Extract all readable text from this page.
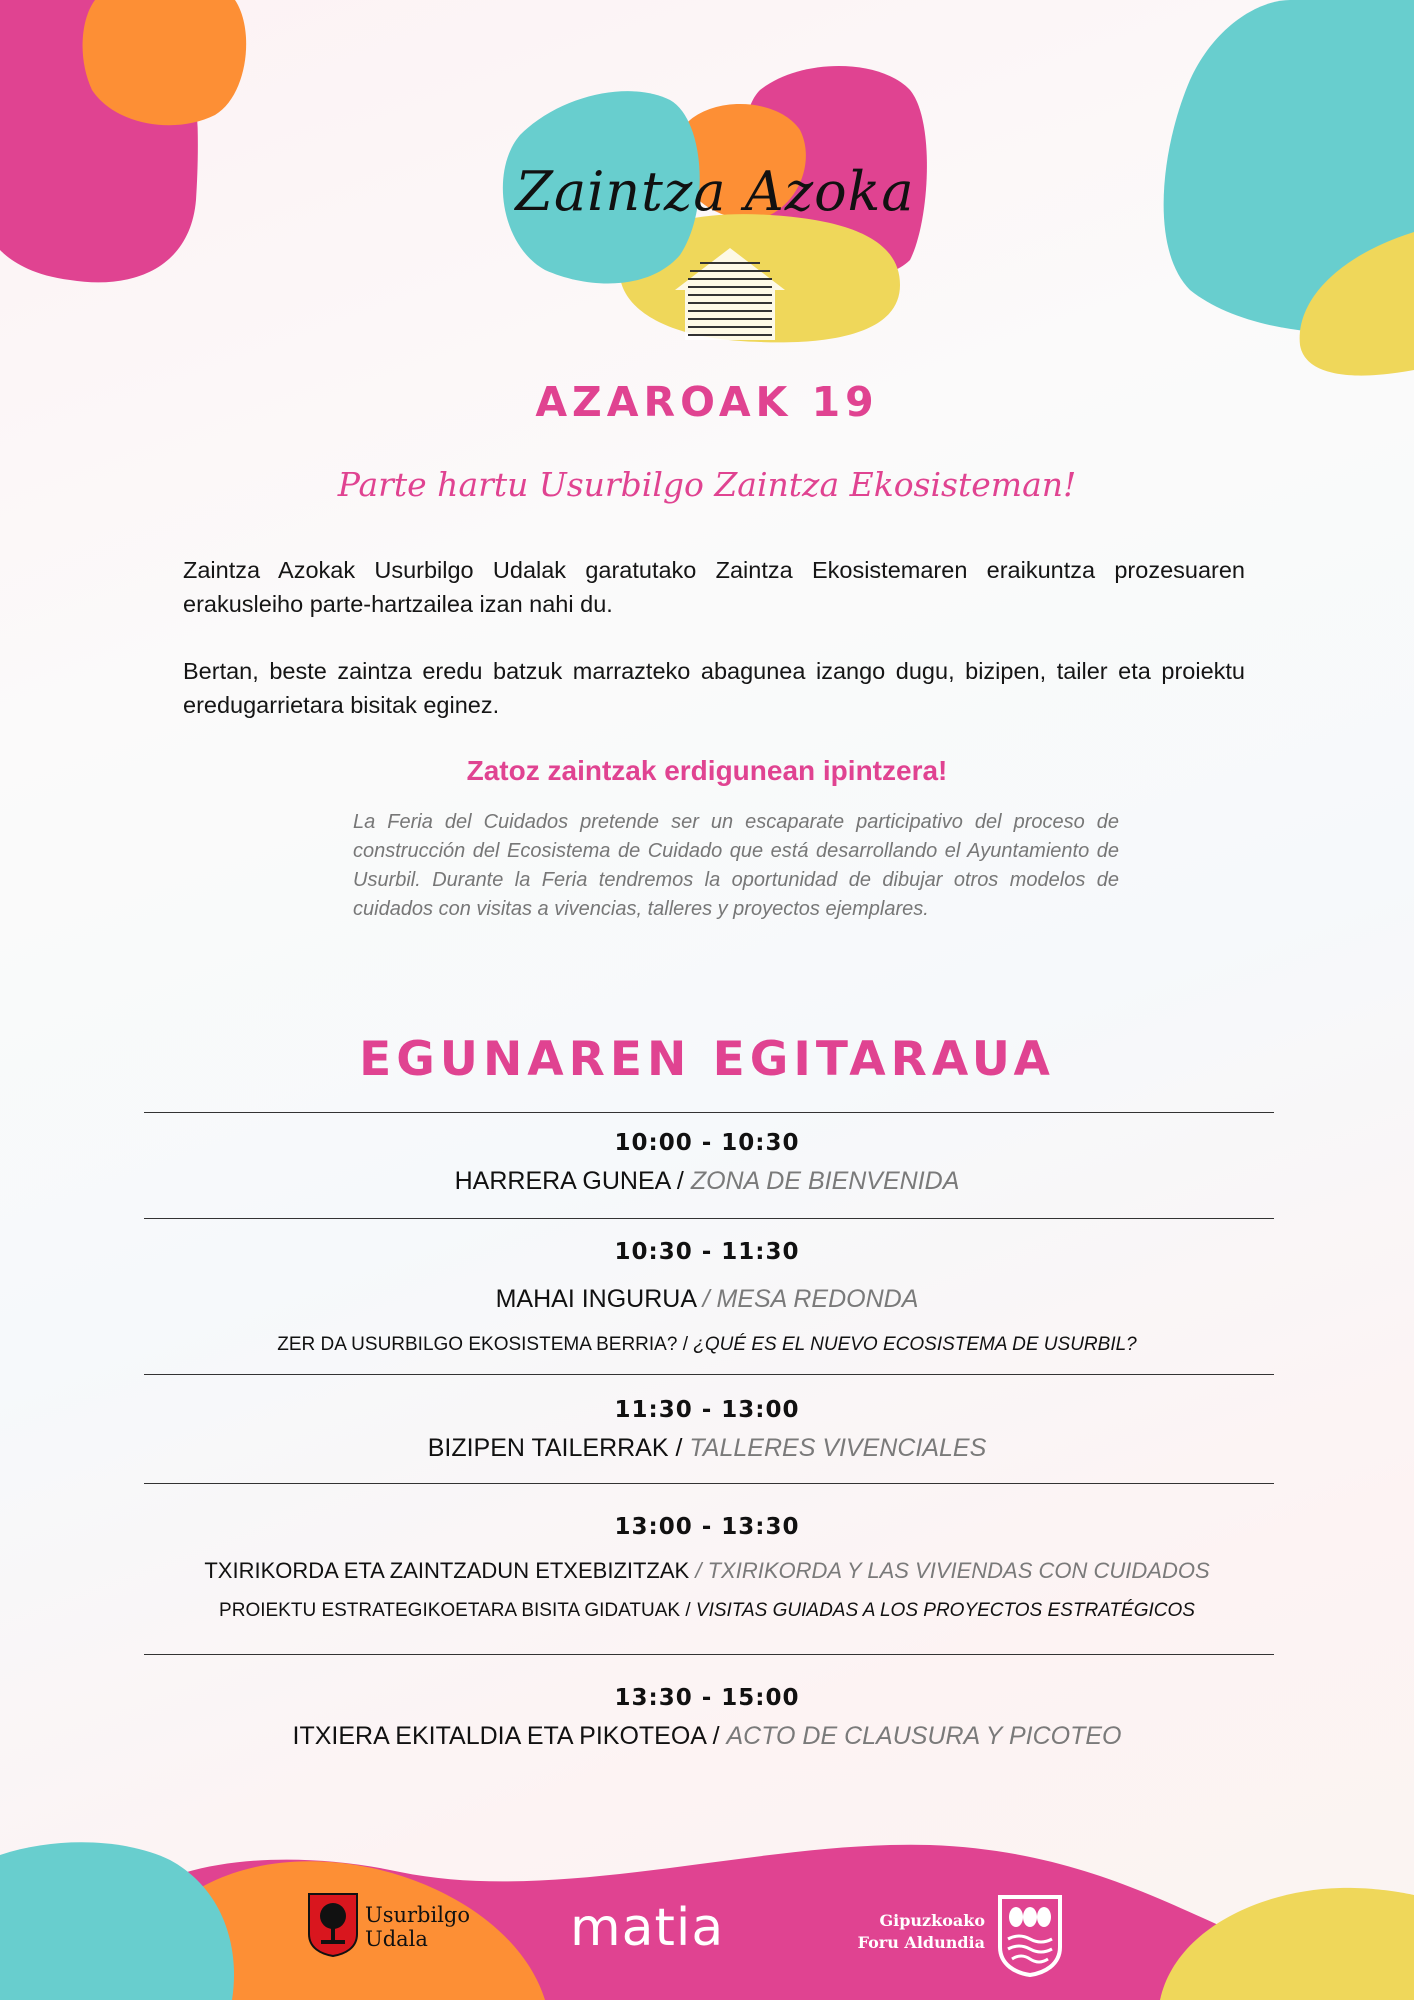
Zaintza Azoka
AZAROAK 19
Parte hartu Usurbilgo Zaintza Ekosisteman!
Zaintza Azokak Usurbilgo Udalak garatutako Zaintza Ekosistemaren eraikuntza prozesuaren erakusleiho parte-hartzailea izan nahi du.
Bertan, beste zaintza eredu batzuk marrazteko abagunea izango dugu, bizipen, tailer eta proiektu eredugarrietara bisitak eginez.
Zatoz zaintzak erdigunean ipintzera!
La Feria del Cuidados pretende ser un escaparate participativo del proceso de construcción del Ecosistema de Cuidado que está desarrollando el Ayuntamiento de Usurbil. Durante la Feria tendremos la oportunidad de dibujar otros modelos de cuidados con visitas a vivencias, talleres y proyectos ejemplares.
EGUNAREN EGITARAUA
10:00 - 10:30
HARRERA GUNEA / ZONA DE BIENVENIDA
10:30 - 11:30
MAHAI INGURUA / MESA REDONDA
ZER DA USURBILGO EKOSISTEMA BERRIA? / ¿QUÉ ES EL NUEVO ECOSISTEMA DE USURBIL?
11:30 - 13:00
BIZIPEN TAILERRAK / TALLERES VIVENCIALES
13:00 - 13:30
TXIRIKORDA ETA ZAINTZADUN ETXEBIZITZAK / TXIRIKORDA Y LAS VIVIENDAS CON CUIDADOS
PROIEKTU ESTRATEGIKOETARA BISITA GIDATUAK / VISITAS GUIADAS A LOS PROYECTOS ESTRATÉGICOS
13:30 - 15:00
ITXIERA EKITALDIA ETA PIKOTEOA / ACTO DE CLAUSURA Y PICOTEO
Usurbilgo
Udala	matia	Gipuzkoako
Foru Aldundia
